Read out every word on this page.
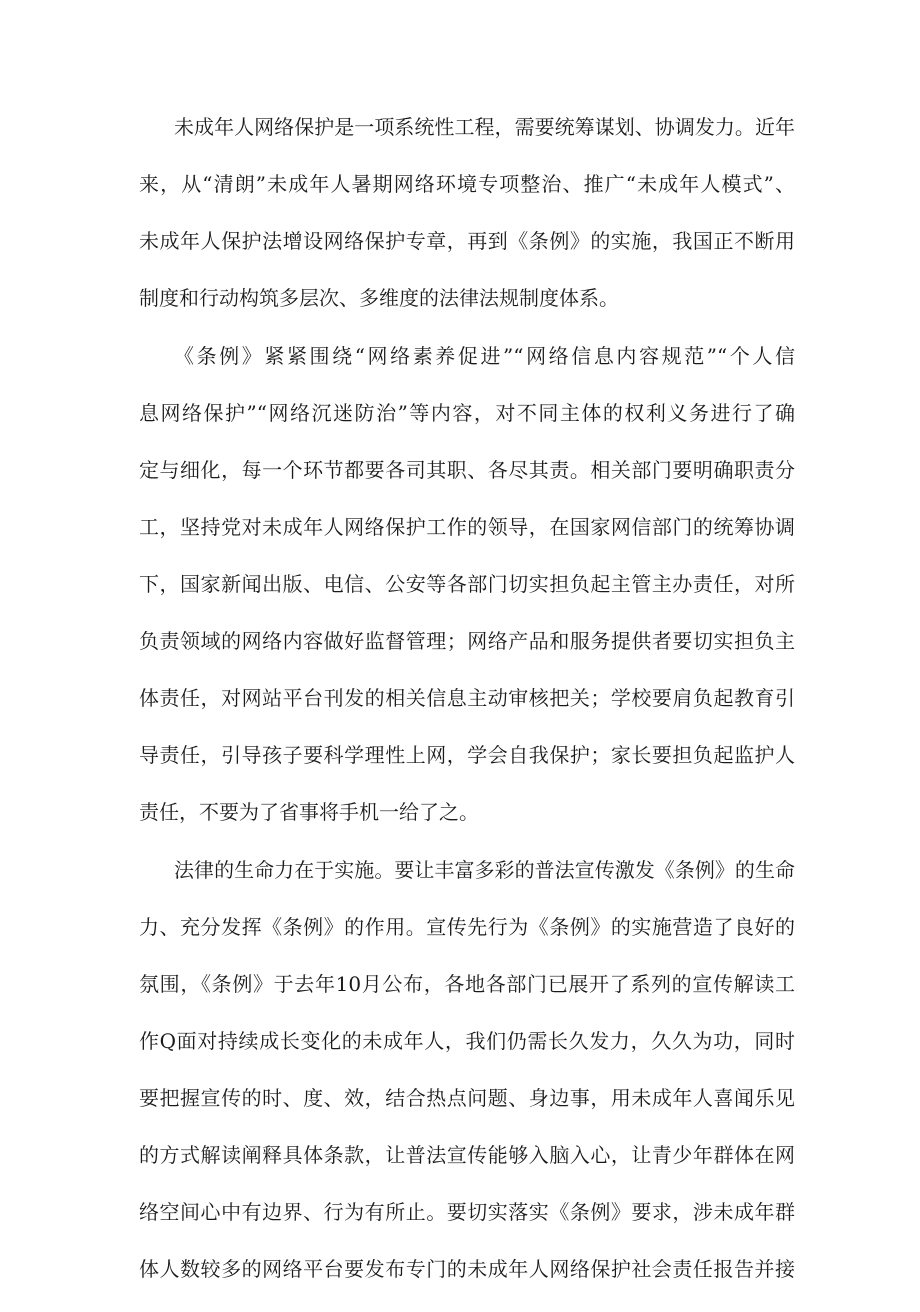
未成年人网络保护是一项系统性工程，需要统筹谋划、协调发力。近年
来，从“清朗”未成年人暑期网络环境专项整治、推广“未成年人模式”、
未成年人保护法增设网络保护专章，再到《条例》的实施，我国正不断用
制度和行动构筑多层次、多维度的法律法规制度体系。
《条例》紧紧围绕“网络素养促进”“网络信息内容规范”“个人信
息网络保护”“网络沉迷防治”等内容，对不同主体的权利义务进行了确
定与细化，每一个环节都要各司其职、各尽其责。相关部门要明确职责分
工，坚持党对未成年人网络保护工作的领导，在国家网信部门的统筹协调
下，国家新闻出版、电信、公安等各部门切实担负起主管主办责任，对所
负责领域的网络内容做好监督管理；网络产品和服务提供者要切实担负主
体责任，对网站平台刊发的相关信息主动审核把关；学校要肩负起教育引
导责任，引导孩子要科学理性上网，学会自我保护；家长要担负起监护人
责任，不要为了省事将手机一给了之。
法律的生命力在于实施。要让丰富多彩的普法宣传激发《条例》的生命
力、充分发挥《条例》的作用。宣传先行为《条例》的实施营造了良好的
氛围，《条例》于去年10月公布，各地各部门已展开了系列的宣传解读工
作Q面对持续成长变化的未成年人，我们仍需长久发力，久久为功，同时
要把握宣传的时、度、效，结合热点问题、身边事，用未成年人喜闻乐见
的方式解读阐释具体条款，让普法宣传能够入脑入心，让青少年群体在网
络空间心中有边界、行为有所止。要切实落实《条例》要求，涉未成年群
体人数较多的网络平台要发布专门的未成年人网络保护社会责任报告并接
